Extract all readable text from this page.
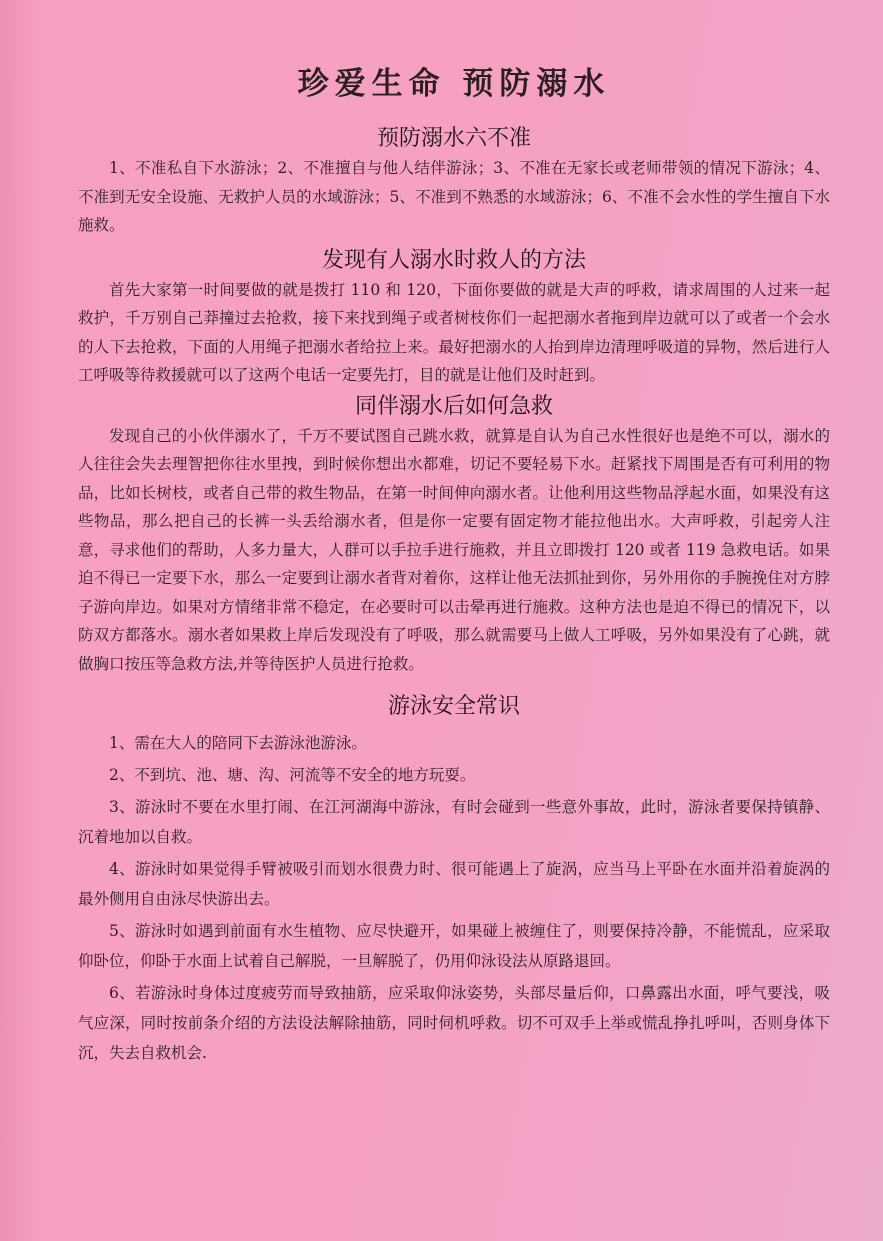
珍爱生命 预防溺水
预防溺水六不准

1、不准私自下水游泳；2、不准擅自与他人结伴游泳；3、不准在无家长或老师带领的情况下游泳；4、不准到无安全设施、无救护人员的水域游泳；5、不准到不熟悉的水域游泳；6、不准不会水性的学生擅自下水施救。

发现有人溺水时救人的方法

首先大家第一时间要做的就是拨打 110 和 120，下面你要做的就是大声的呼救，请求周围的人过来一起救护，千万别自己莽撞过去抢救，接下来找到绳子或者树枝你们一起把溺水者拖到岸边就可以了或者一个会水的人下去抢救，下面的人用绳子把溺水者给拉上来。最好把溺水的人抬到岸边清理呼吸道的异物，然后进行人工呼吸等待救援就可以了这两个电话一定要先打，目的就是让他们及时赶到。

同伴溺水后如何急救

发现自己的小伙伴溺水了，千万不要试图自己跳水救，就算是自认为自己水性很好也是绝不可以，溺水的人往往会失去理智把你往水里拽，到时候你想出水都难，切记不要轻易下水。赶紧找下周围是否有可利用的物品，比如长树枝，或者自己带的救生物品，在第一时间伸向溺水者。让他利用这些物品浮起水面，如果没有这些物品，那么把自己的长裤一头丢给溺水者，但是你一定要有固定物才能拉他出水。大声呼救，引起旁人注意，寻求他们的帮助，人多力量大，人群可以手拉手进行施救，并且立即拨打 120 或者 119 急救电话。如果迫不得已一定要下水，那么一定要到让溺水者背对着你，这样让他无法抓扯到你，另外用你的手腕挽住对方脖子游向岸边。如果对方情绪非常不稳定，在必要时可以击晕再进行施救。这种方法也是迫不得已的情况下，以防双方都落水。溺水者如果救上岸后发现没有了呼吸，那么就需要马上做人工呼吸，另外如果没有了心跳，就做胸口按压等急救方法,并等待医护人员进行抢救。

游泳安全常识

1、需在大人的陪同下去游泳池游泳。

2、不到坑、池、塘、沟、河流等不安全的地方玩耍。

3、游泳时不要在水里打闹、在江河湖海中游泳，有时会碰到一些意外事故，此时，游泳者要保持镇静、沉着地加以自救。

4、游泳时如果觉得手臂被吸引而划水很费力时、很可能遇上了旋涡，应当马上平卧在水面并沿着旋涡的最外侧用自由泳尽快游出去。

5、游泳时如遇到前面有水生植物、应尽快避开，如果碰上被缠住了，则要保持冷静，不能慌乱，应采取仰卧位，仰卧于水面上试着自己解脱，一旦解脱了，仍用仰泳设法从原路退回。

6、若游泳时身体过度疲劳而导致抽筋，应采取仰泳姿势，头部尽量后仰，口鼻露出水面，呼气要浅，吸气应深，同时按前条介绍的方法设法解除抽筋，同时伺机呼救。切不可双手上举或慌乱挣扎呼叫，否则身体下沉，失去自救机会.
